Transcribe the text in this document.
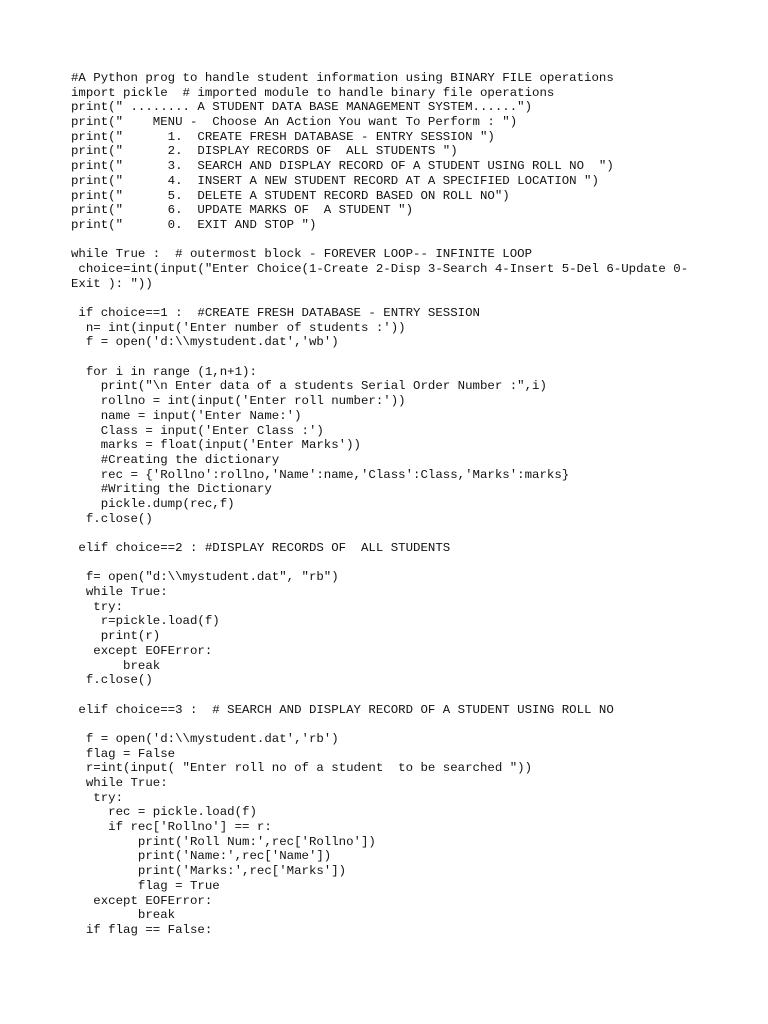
#A Python prog to handle student information using BINARY FILE operations
import pickle  # imported module to handle binary file operations
print(" ........ A STUDENT DATA BASE MANAGEMENT SYSTEM......")
print("    MENU -  Choose An Action You want To Perform : ")
print("      1.  CREATE FRESH DATABASE - ENTRY SESSION ")
print("      2.  DISPLAY RECORDS OF  ALL STUDENTS ")
print("      3.  SEARCH AND DISPLAY RECORD OF A STUDENT USING ROLL NO  ")
print("      4.  INSERT A NEW STUDENT RECORD AT A SPECIFIED LOCATION ")
print("      5.  DELETE A STUDENT RECORD BASED ON ROLL NO")
print("      6.  UPDATE MARKS OF  A STUDENT ")
print("      0.  EXIT AND STOP ")
while True :  # outermost block - FOREVER LOOP-- INFINITE LOOP
choice=int(input("Enter Choice(1-Create 2-Disp 3-Search 4-Insert 5-Del 6-Update 0-
Exit ): "))
if choice==1 :  #CREATE FRESH DATABASE - ENTRY SESSION
n= int(input('Enter number of students :'))
f = open('d:\\mystudent.dat','wb')
for i in range (1,n+1):
print("\n Enter data of a students Serial Order Number :",i)
rollno = int(input('Enter roll number:'))
name = input('Enter Name:')
Class = input('Enter Class :')
marks = float(input('Enter Marks'))
#Creating the dictionary
rec = {'Rollno':rollno,'Name':name,'Class':Class,'Marks':marks}
#Writing the Dictionary
pickle.dump(rec,f)
f.close()
elif choice==2 : #DISPLAY RECORDS OF  ALL STUDENTS
f= open("d:\\mystudent.dat", "rb")
while True:
try:
r=pickle.load(f)
print(r)
except EOFError:
break
f.close()
elif choice==3 :  # SEARCH AND DISPLAY RECORD OF A STUDENT USING ROLL NO
f = open('d:\\mystudent.dat','rb')
flag = False
r=int(input( "Enter roll no of a student  to be searched "))
while True:
try:
rec = pickle.load(f)
if rec['Rollno'] == r:
print('Roll Num:',rec['Rollno'])
print('Name:',rec['Name'])
print('Marks:',rec['Marks'])
flag = True
except EOFError:
break
if flag == False:
